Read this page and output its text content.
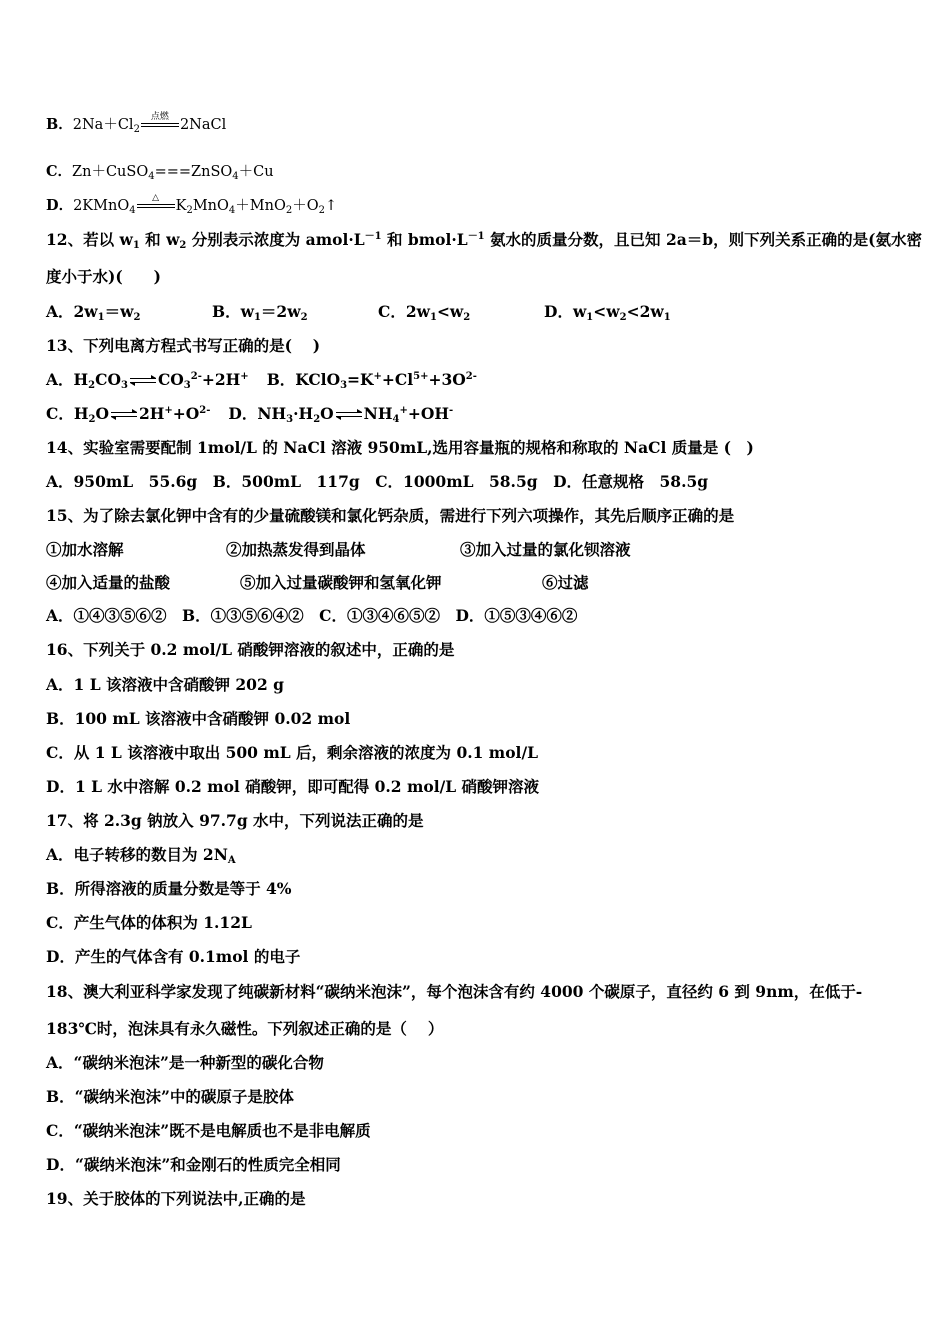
B．$2Na+Cl_2$
点燃 2NaCl
C．Zn＋CuSO$_4$===ZnSO$_4$＋Cu
D．2KMnO$_4$
△	$K_2MnO_4+MnO_2+O_2↑$
12、若以 $w_1$ 和 $w_2$ 分别表示浓度为 $amol\cdot L^{-1}$ 和 $bmol\cdot L^{-1}$ 氨水的质量分数，且已知 2a＝b，则下列关系正确的是(氨水密
度小于水)(　　)
A．$2w_1=w_2$	B．$w_1=2w_2$	C．$2w_1<w_2$	D．$w_1<w_2<2w_1$
13、下列电离方程式书写正确的是(　 )
A．$H_2CO_3$ ⇌ $CO_3^{2-}+2H^+$ B．$KClO_3=K^++Cl^{5+}+3O^{2-}$
C．$H_2O$ ⇌ $2H^++O^{2-}$ D．$NH_3\cdot H_2O$ ⇌ $NH_4^++OH^-$
14、实验室需要配制 1mol/L 的 NaCl 溶液 950mL,选用容量瓶的规格和称取的 NaCl 质量是 (　)
A．950mL　55.6g　B．500mL　117g　C．1000mL　58.5g　D．任意规格　58.5g
15、为了除去氯化钾中含有的少量硫酸镁和氯化钙杂质，需进行下列六项操作，其先后顺序正确的是
①加水溶解	②加热蒸发得到晶体	③加入过量的氯化钡溶液
④加入适量的盐酸	⑤加入过量碳酸钾和氢氧化钾	⑥过滤
A．①④③⑤⑥②　B．①③⑤⑥④②　C．①③④⑥⑤②　D．①⑤③④⑥②
16、下列关于 0.2 mol/L 硝酸钾溶液的叙述中，正确的是
A．1 L 该溶液中含硝酸钾 202 g
B．100 mL 该溶液中含硝酸钾 0.02 mol
C．从 1 L 该溶液中取出 500 mL 后，剩余溶液的浓度为 0.1 mol/L
D．1 L 水中溶解 0.2 mol 硝酸钾，即可配得 0.2 mol/L 硝酸钾溶液
17、将 2.3g 钠放入 97.7g 水中，下列说法正确的是
A．电子转移的数目为 $2N_A$
B．所得溶液的质量分数是等于 4%
C．产生气体的体积为 1.12L
D．产生的气体含有 0.1mol 的电子
18、澳大利亚科学家发现了纯碳新材料“碳纳米泡沫”，每个泡沫含有约 4000 个碳原子，直径约 6 到 9nm，在低于-
183℃时，泡沫具有永久磁性。下列叙述正确的是（　 ）
A．“碳纳米泡沫”是一种新型的碳化合物
B．“碳纳米泡沫”中的碳原子是胶体
C．“碳纳米泡沫”既不是电解质也不是非电解质
D．“碳纳米泡沫”和金刚石的性质完全相同
19、关于胶体的下列说法中,正确的是
